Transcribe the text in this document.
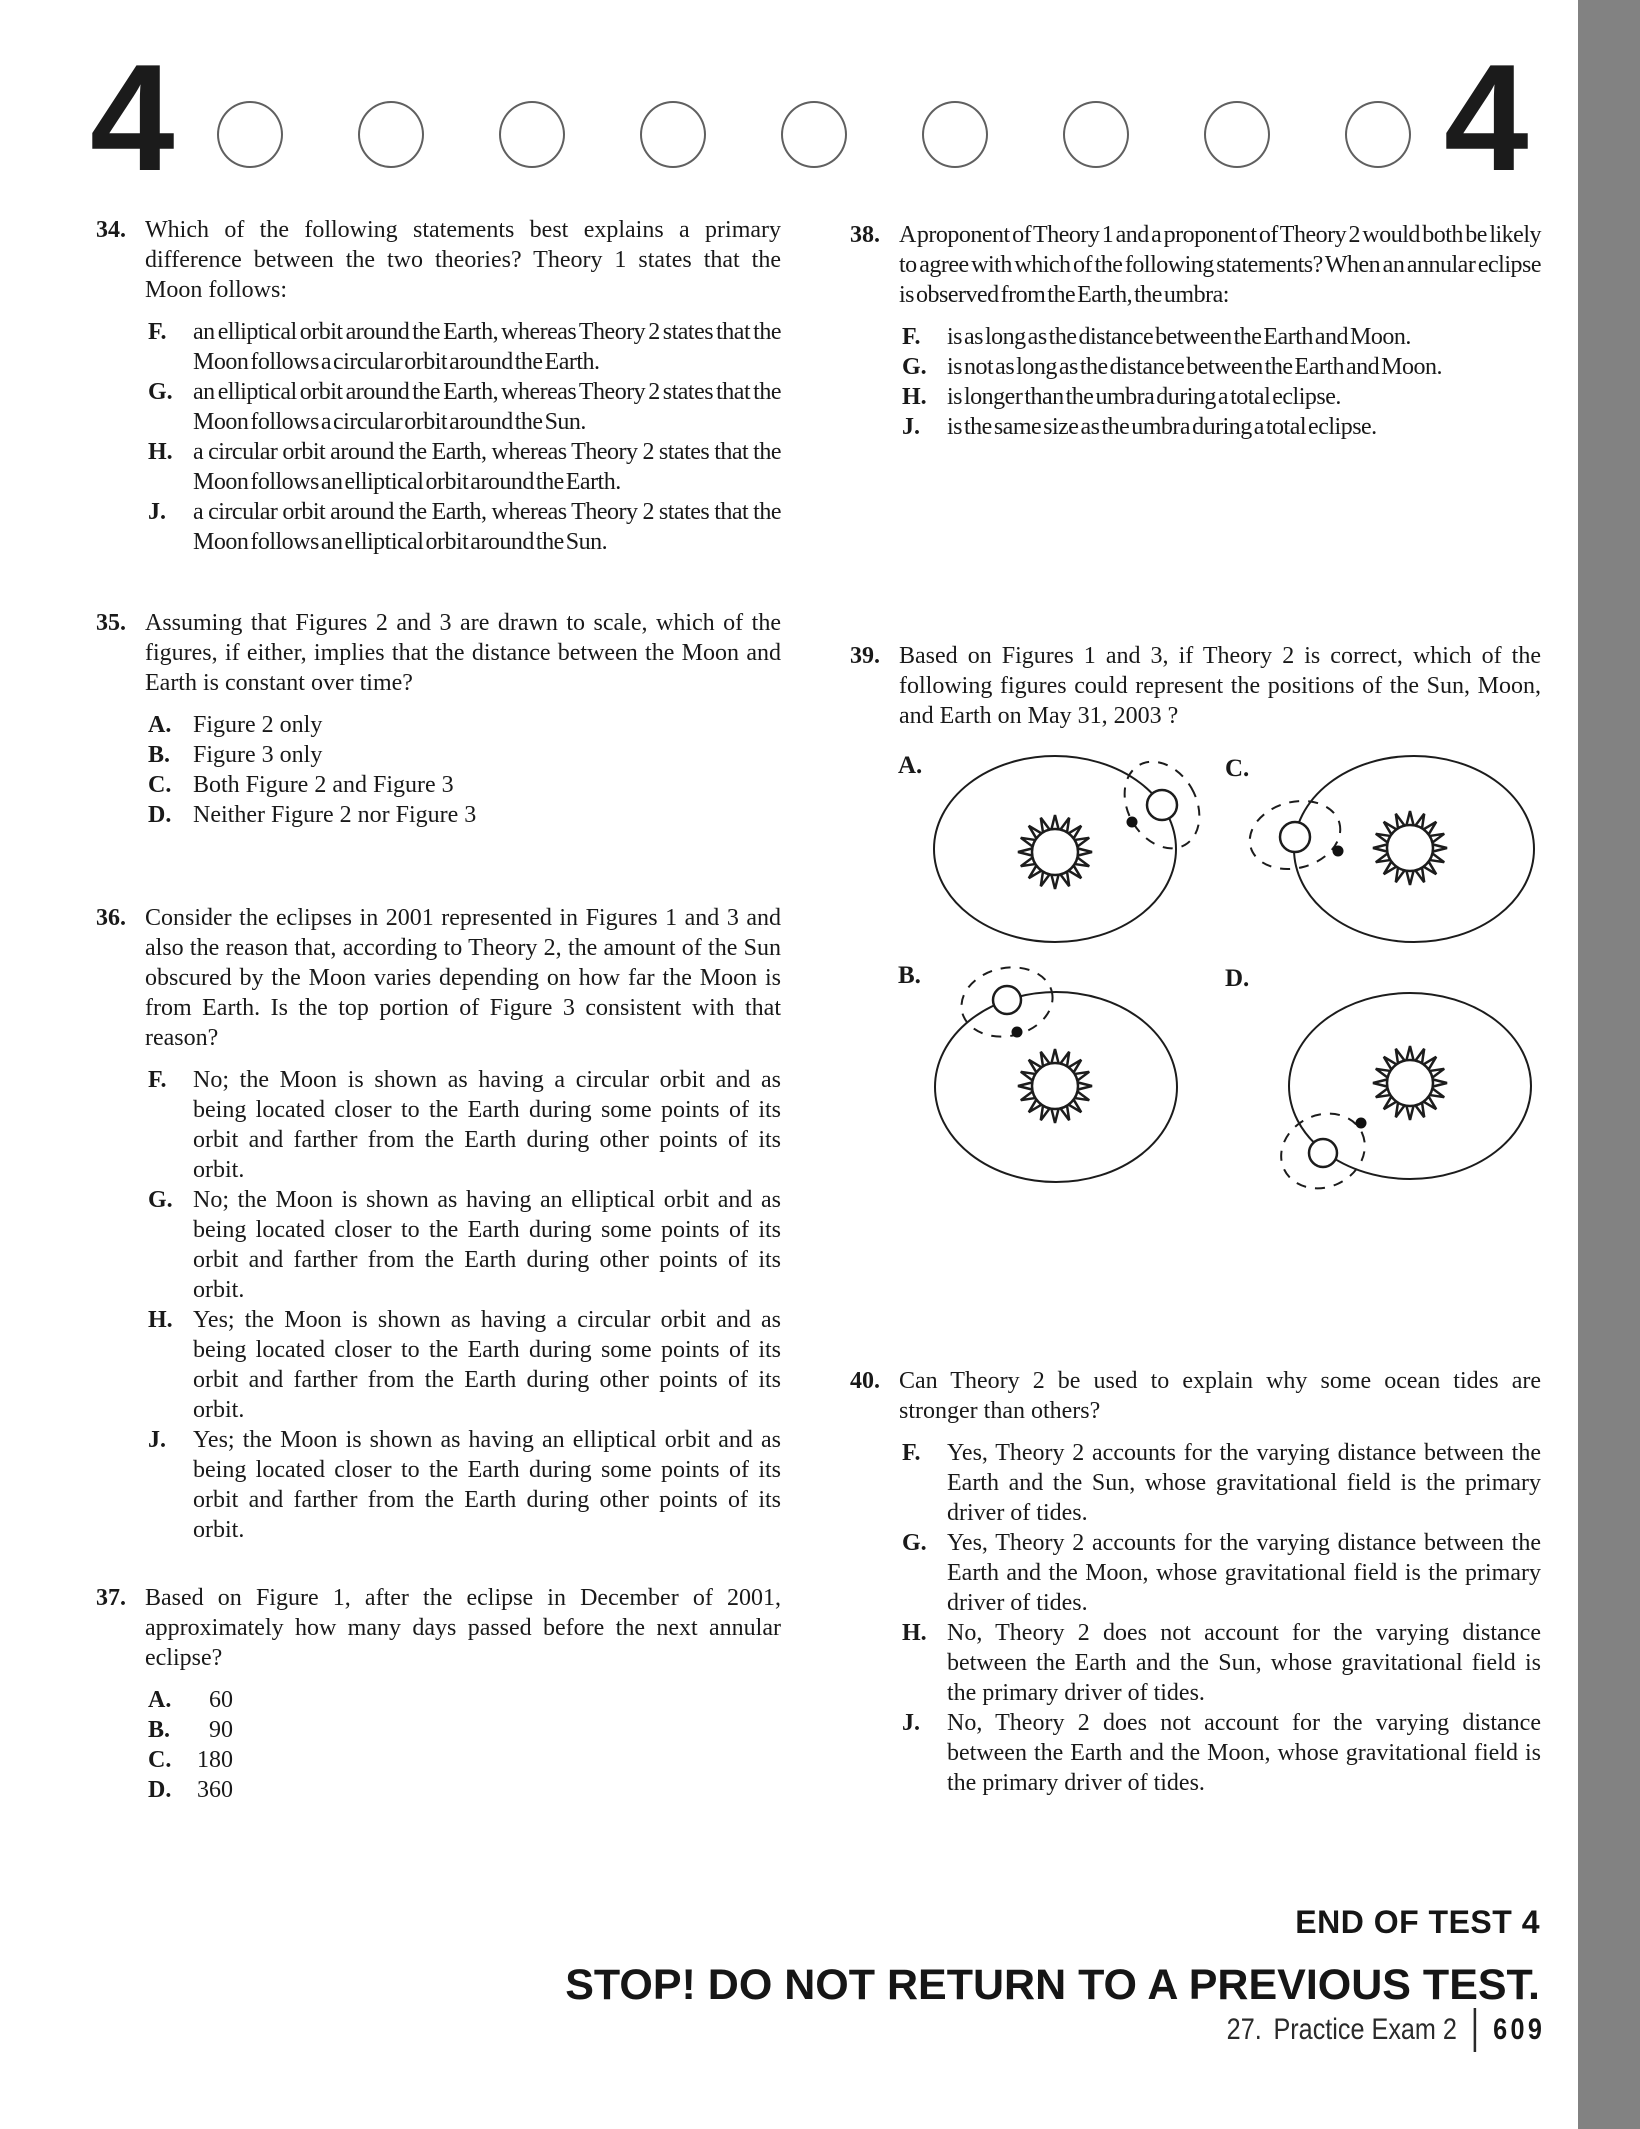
4	4
34. Which of the following statements best explains a primary difference between the two theories? Theory 1 states that the Moon follows:
F.	an elliptical orbit around the Earth, whereas Theory 2 states that the Moon follows a circular orbit around the Earth.
G. an elliptical orbit around the Earth, whereas Theory 2 states that the Moon follows a circular orbit around the Sun.
H. a circular orbit around the Earth, whereas Theory 2 states that the Moon follows an elliptical orbit around the Earth.
J.	a circular orbit around the Earth, whereas Theory 2 states that the Moon follows an elliptical orbit around the Sun.
35. Assuming that Figures 2 and 3 are drawn to scale, which of the figures, if either, implies that the distance between the Moon and Earth is constant over time?
A. Figure 2 only
B. Figure 3 only
C. Both Figure 2 and Figure 3
D. Neither Figure 2 nor Figure 3
36. Consider the eclipses in 2001 represented in Figures 1 and 3 and also the reason that, according to Theory 2, the amount of the Sun obscured by the Moon varies depending on how far the Moon is from Earth. Is the top portion of Figure 3 consistent with that reason?
F.	No; the Moon is shown as having a circular orbit and as being located closer to the Earth during some points of its orbit and farther from the Earth during other points of its orbit.
G. No; the Moon is shown as having an elliptical orbit and as being located closer to the Earth during some points of its orbit and farther from the Earth during other points of its orbit.
H. Yes; the Moon is shown as having a circular orbit and as being located closer to the Earth during some points of its orbit and farther from the Earth during other points of its orbit.
J.	Yes; the Moon is shown as having an elliptical orbit and as being located closer to the Earth during some points of its orbit and farther from the Earth during other points of its orbit.
37. Based on Figure 1, after the eclipse in December of 2001, approximately how many days passed before the next annular eclipse?
A.	60
B.	90
C.	180
D.	360
38. A proponent of Theory 1 and a proponent of Theory 2 would both be likely to agree with which of the following statements? When an annular eclipse is observed from the Earth, the umbra:
F.	is as long as the distance between the Earth and Moon.
G. is not as long as the distance between the Earth and Moon.
H. is longer than the umbra during a total eclipse.
J.	is the same size as the umbra during a total eclipse.
39. Based on Figures 1 and 3, if Theory 2 is correct, which of the following figures could represent the positions of the Sun, Moon, and Earth on May 31, 2003 ?
A.	C.
B.	D.
40. Can Theory 2 be used to explain why some ocean tides are stronger than others?
F.	Yes, Theory 2 accounts for the varying distance between the Earth and the Sun, whose gravitational field is the primary driver of tides.
G. Yes, Theory 2 accounts for the varying distance between the Earth and the Moon, whose gravitational field is the primary driver of tides.
H. No, Theory 2 does not account for the varying distance between the Earth and the Sun, whose gravitational field is the primary driver of tides.
J.	No, Theory 2 does not account for the varying distance between the Earth and the Moon, whose gravitational field is the primary driver of tides.
END OF TEST 4
STOP! DO NOT RETURN TO A PREVIOUS TEST.
27. Practice Exam 2 609
